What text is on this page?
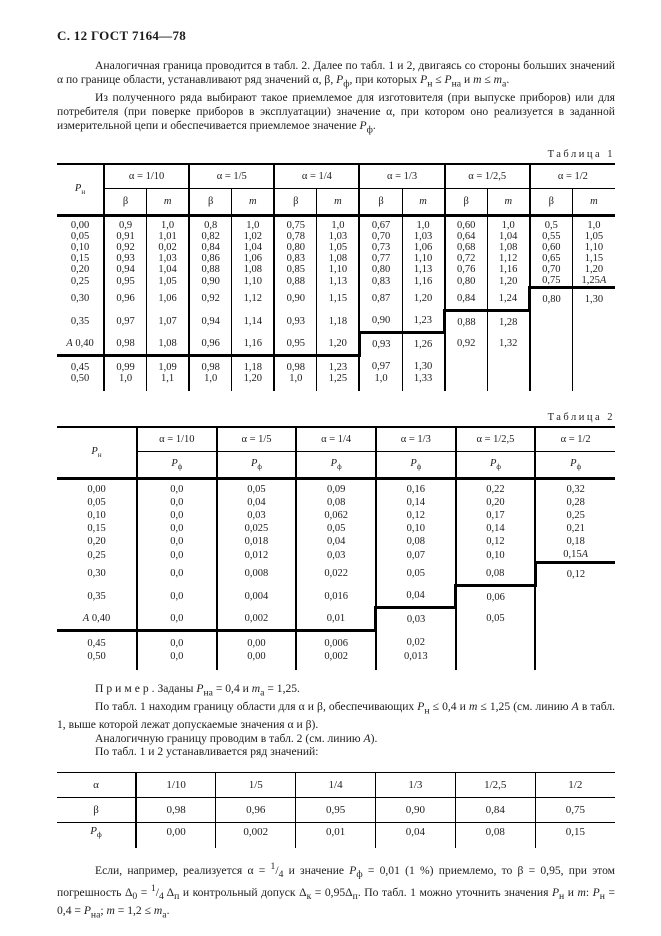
С. 12 ГОСТ 7164—78

Аналогичная граница проводится в табл. 2. Далее по табл. 1 и 2, двигаясь со стороны больших значений α по границе области, устанавливают ряд значений α, β, $P_ф$, при которых $P_н \le P_{на}$ и $m \le m_а$.

Из полученного ряда выбирают такое приемлемое для изготовителя (при выпуске приборов) или для потребителя (при поверке приборов в эксплуатации) значение α, при котором оно реализуется в заданной измерительной цепи и обеспечивается приемлемое значение $P_ф$.

Таблица 1
$P_н$	α = 1/10		α = 1/5		α = 1/4		α = 1/3		α = 1/2,5		α = 1/2	
	β	m	β	m	β	m	β	m	β	m	β	m
0,00	0,9	1,0	0,8	1,0	0,75	1,0	0,67	1,0	0,60	1,0	0,5	1,0
0,05	0,91	1,01	0,82	1,02	0,78	1,03	0,70	1,03	0,64	1,04	0,55	1,05
0,10	0,92	0,02	0,84	1,04	0,80	1,05	0,73	1,06	0,68	1,08	0,60	1,10
0,15	0,93	1,03	0,86	1,06	0,83	1,08	0,77	1,10	0,72	1,12	0,65	1,15
0,20	0,94	1,04	0,88	1,08	0,85	1,10	0,80	1,13	0,76	1,16	0,70	1,20
0,25	0,95	1,05	0,90	1,10	0,88	1,13	0,83	1,16	0,80	1,20	0,75	1,25А
0,30	0,96	1,06	0,92	1,12	0,90	1,15	0,87	1,20	0,84	1,24	0,80	1,30
0,35	0,97	1,07	0,94	1,14	0,93	1,18	0,90	1,23	0,88	1,28		
А 0,40	0,98	1,08	0,96	1,16	0,95	1,20	0,93	1,26	0,92	1,32		
0,45	0,99	1,09	0,98	1,18	0,98	1,23	0,97	1,30				
0,50	1,0	1,1	1,0	1,20	1,0	1,25	1,0	1,33				
Таблица 2
$P_н$	α = 1/10	α = 1/5	α = 1/4	α = 1/3	α = 1/2,5	α = 1/2
	$P_ф$	$P_ф$	$P_ф$	$P_ф$	$P_ф$	$P_ф$
0,00	0,0	0,05	0,09	0,16	0,22	0,32
0,05	0,0	0,04	0,08	0,14	0,20	0,28
0,10	0,0	0,03	0,062	0,12	0,17	0,25
0,15	0,0	0,025	0,05	0,10	0,14	0,21
0,20	0,0	0,018	0,04	0,08	0,12	0,18
0,25	0,0	0,012	0,03	0,07	0,10	0,15А
0,30	0,0	0,008	0,022	0,05	0,08	0,12
0,35	0,0	0,004	0,016	0,04	0,06	
А 0,40	0,0	0,002	0,01	0,03	0,05	
0,45	0,0	0,00	0,006	0,02		
0,50	0,0	0,00	0,002	0,013		

Пример. Заданы $P_{на} = 0,4$ и $m_а = 1,25$.

По табл. 1 находим границу области для α и β, обеспечивающих $P_н \le 0,4$ и m ≤ 1,25 (см. линию А в табл. 1, выше которой лежат допускаемые значения α и β).

Аналогичную границу проводим в табл. 2 (см. линию А).

По табл. 1 и 2 устанавливается ряд значений:

α	1/10	1/5	1/4	1/3	1/2,5	1/2
β	0,98	0,96	0,95	0,90	0,84	0,75
$P_ф$	0,00	0,002	0,01	0,04	0,08	0,15

Если, например, реализуется $\alpha = ^1/_4$ и значение $P_ф = 0,01$ (1 %) приемлемо, то β = 0,95, при этом погрешность $\Delta_0 = ^1/_4$ $\Delta_п$ и контрольный допуск $\Delta_к = 0,95\Delta_п$. По табл. 1 можно уточнить значения $P_н$ и m: $P_н = 0,4 = P_{на}$; $m = 1,2 \le m_а$.
